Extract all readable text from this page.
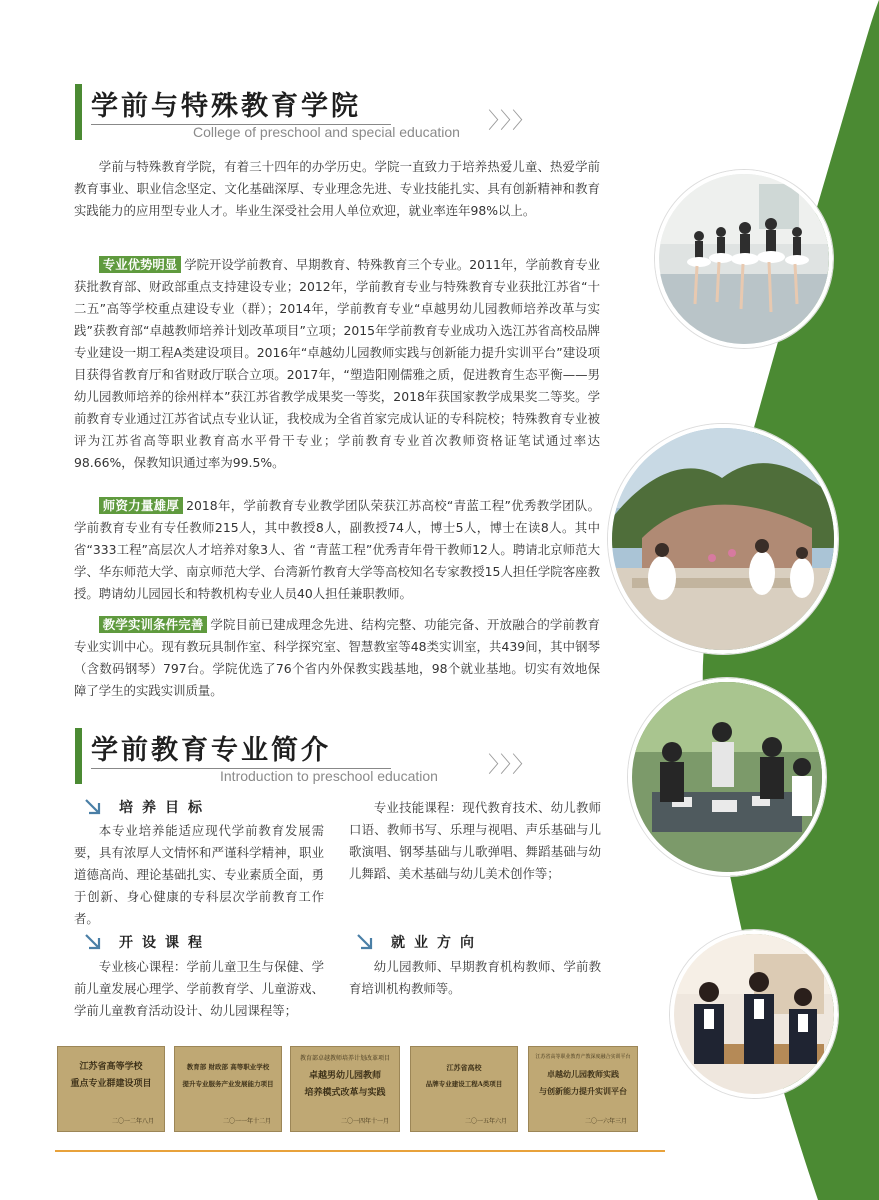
学前与特殊教育学院
College of preschool and special education 〉〉〉
学前与特殊教育学院，有着三十四年的办学历史。学院一直致力于培养热爱儿童、热爱学前教育事业、职业信念坚定、文化基础深厚、专业理念先进、专业技能扎实、具有创新精神和教育实践能力的应用型专业人才。毕业生深受社会用人单位欢迎，就业率连年98%以上。
专业优势明显 学院开设学前教育、早期教育、特殊教育三个专业。2011年，学前教育专业获批教育部、财政部重点支持建设专业；2012年，学前教育专业与特殊教育专业获批江苏省“十二五”高等学校重点建设专业（群）；2014年，学前教育专业“卓越男幼儿园教师培养改革与实践”获教育部“卓越教师培养计划改革项目”立项；2015年学前教育专业成功入选江苏省高校品牌专业建设一期工程A类建设项目。2016年“卓越幼儿园教师实践与创新能力提升实训平台”建设项目获得省教育厅和省财政厅联合立项。2017年，“塑造阳刚儒雅之质，促进教育生态平衡——男幼儿园教师培养的徐州样本”获江苏省教学成果奖一等奖，2018年获国家教学成果奖二等奖。学前教育专业通过江苏省试点专业认证，我校成为全省首家完成认证的专科院校；特殊教育专业被评为江苏省高等职业教育高水平骨干专业；学前教育专业首次教师资格证笔试通过率达98.66%，保教知识通过率为99.5%。
师资力量雄厚 2018年，学前教育专业教学团队荣获江苏高校“青蓝工程”优秀教学团队。学前教育专业有专任教师215人，其中教授8人，副教授74人，博士5人，博士在读8人。其中省“333工程”高层次人才培养对象3人、省 “青蓝工程”优秀青年骨干教师12人。聘请北京师范大学、华东师范大学、南京师范大学、台湾新竹教育大学等高校知名专家教授15人担任学院客座教授。聘请幼儿园园长和特教机构专业人员40人担任兼职教师。
教学实训条件完善 学院目前已建成理念先进、结构完整、功能完备、开放融合的学前教育专业实训中心。现有教玩具制作室、科学探究室、智慧教室等48类实训室，共439间，其中钢琴（含数码钢琴）797台。学院优选了76个省内外保教实践基地，98个就业基地。切实有效地保障了学生的实践实训质量。
学前教育专业简介
Introduction to preschool education 〉〉〉
培养目标
本专业培养能适应现代学前教育发展需要，具有浓厚人文情怀和严谨科学精神，职业道德高尚、理论基础扎实、专业素质全面，勇于创新、身心健康的专科层次学前教育工作者。
开设课程
专业核心课程：学前儿童卫生与保健、学前儿童发展心理学、学前教育学、儿童游戏、学前儿童教育活动设计、幼儿园课程等；
专业技能课程：现代教育技术、幼儿教师口语、教师书写、乐理与视唱、声乐基础与儿歌演唱、钢琴基础与儿歌弹唱、舞蹈基础与幼儿舞蹈、美术基础与幼儿美术创作等；
就业方向
幼儿园教师、早期教育机构教师、学前教育培训机构教师等。
江苏省高等学校
重点专业群建设项目
二〇一二年八月
教育部 财政部 高等职业学校
提升专业服务产业发展能力项目
二〇一一年十二月
教育部卓越教师培养计划改革项目
卓越男幼儿园教师
培养模式改革与实践
二〇一四年十一月
江苏省高校
品牌专业建设工程A类项目
二〇一五年六月
江苏省高等职业教育产教深度融合实训平台
卓越幼儿园教师实践
与创新能力提升实训平台
二〇一六年三月
